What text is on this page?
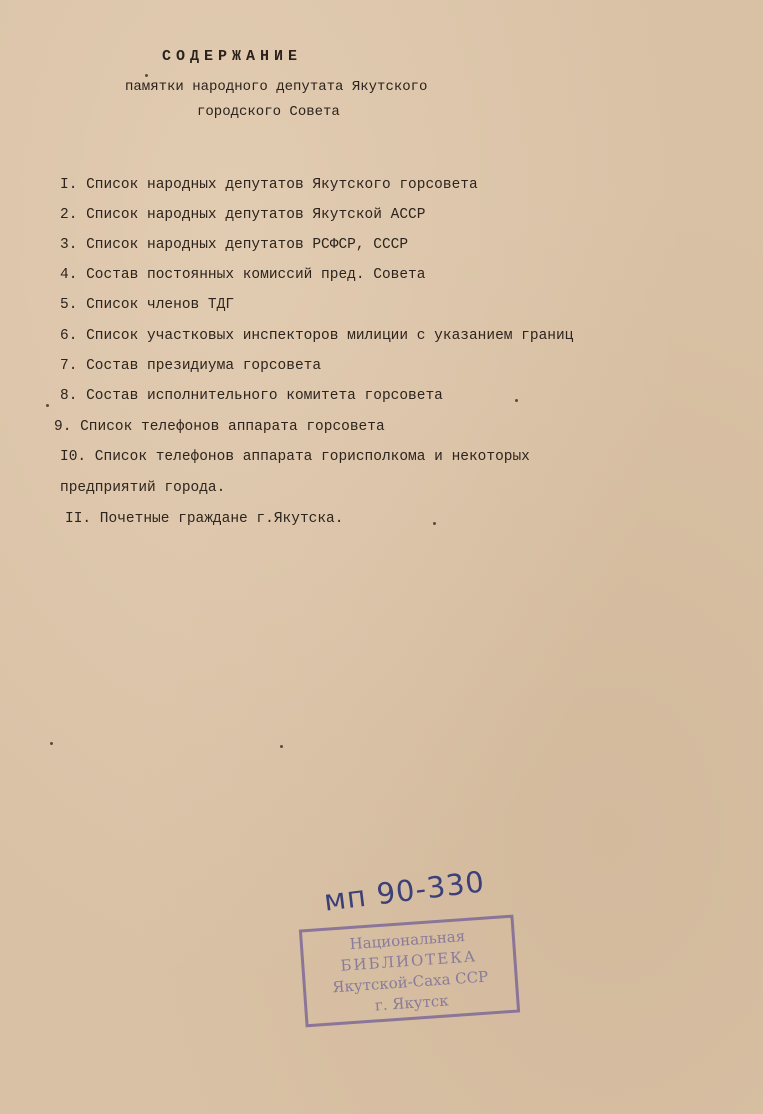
СОДЕРЖАНИЕ
памятки народного депутата Якутского
городского Совета
I. Список народных депутатов Якутского горсовета
2. Список народных депутатов Якутской АССР
3. Список народных депутатов РСФСР, СССР
4. Состав постоянных комиссий пред. Совета
5. Список членов ТДГ
6. Список участковых инспекторов милиции с указанием границ
7. Состав президиума горсовета
8. Состав исполнительного комитета горсовета
9. Список телефонов аппарата горсовета
I0. Список телефонов аппарата горисполкома и некоторых
предприятий города.
II. Почетные граждане г.Якутска.
мп 90-330
Национальная
БИБЛИОТЕКА
Якутской-Саха ССР
г. Якутск
